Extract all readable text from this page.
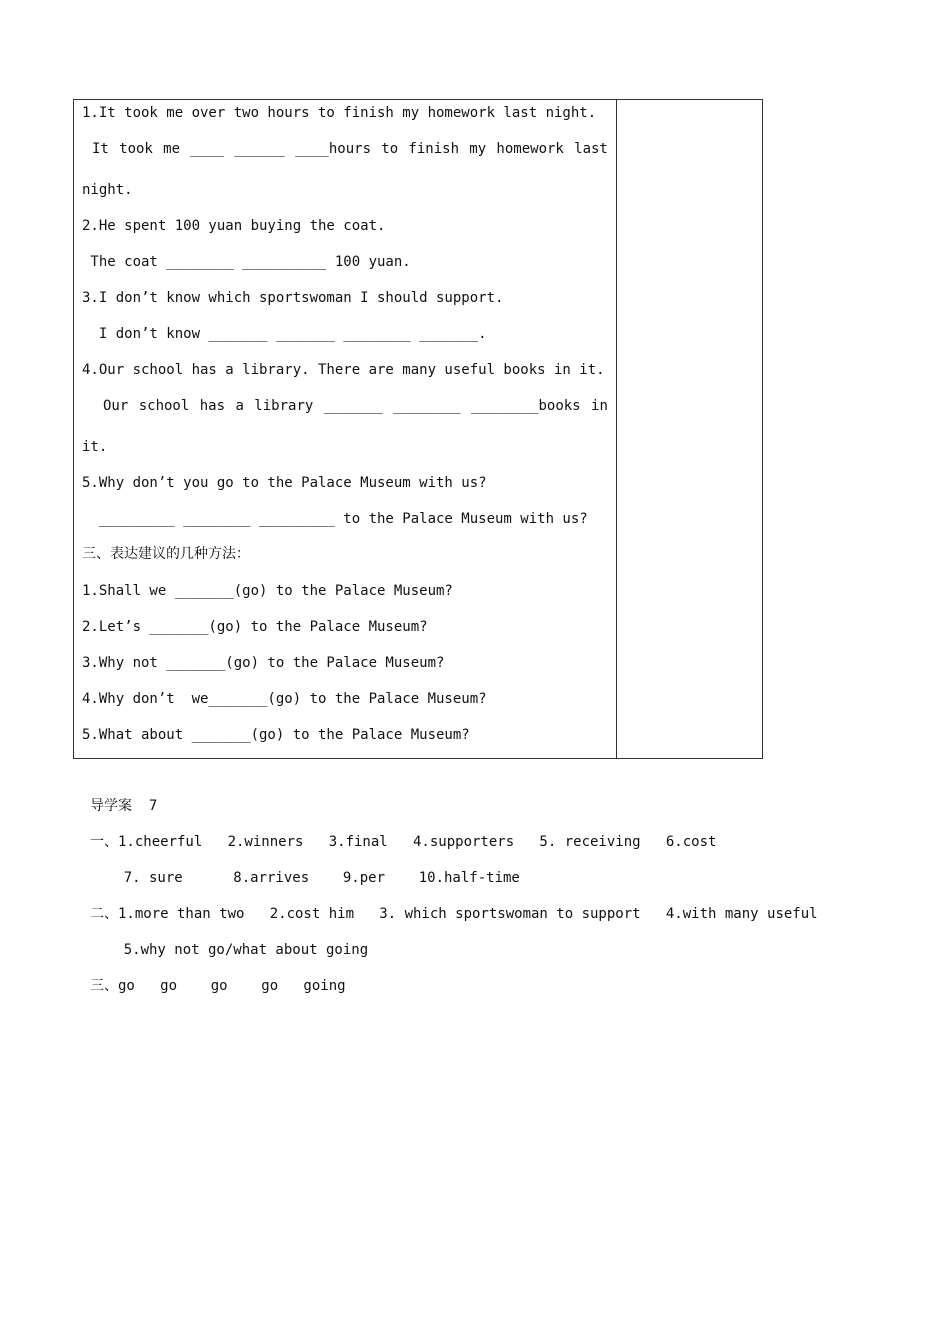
1.It took me over two hours to finish my homework last night.
It took me ____ ______ ____hours to finish my homework last
night.
2.He spent 100 yuan buying the coat.
The coat ________ __________ 100 yuan.
3.I don’t know which sportswoman I should support.
I don’t know _______ _______ ________ _______.
4.Our school has a library. There are many useful books in it.
Our school has a library _______ ________ ________books in
it.
5.Why don’t you go to the Palace Museum with us?
_________ ________ _________ to the Palace Museum with us?
三、表达建议的几种方法：
1.Shall we _______(go) to the Palace Museum?
2.Let’s _______(go) to the Palace Museum?
3.Why not _______(go) to the Palace Museum?
4.Why don’t  we_______(go) to the Palace Museum?
5.What about _______(go) to the Palace Museum?
导学案  7
一、1.cheerful   2.winners   3.final   4.supporters   5. receiving   6.cost
7. sure      8.arrives    9.per    10.half-time
二、1.more than two   2.cost him   3. which sportswoman to support   4.with many useful
5.why not go/what about going
三、go   go    go    go   going
